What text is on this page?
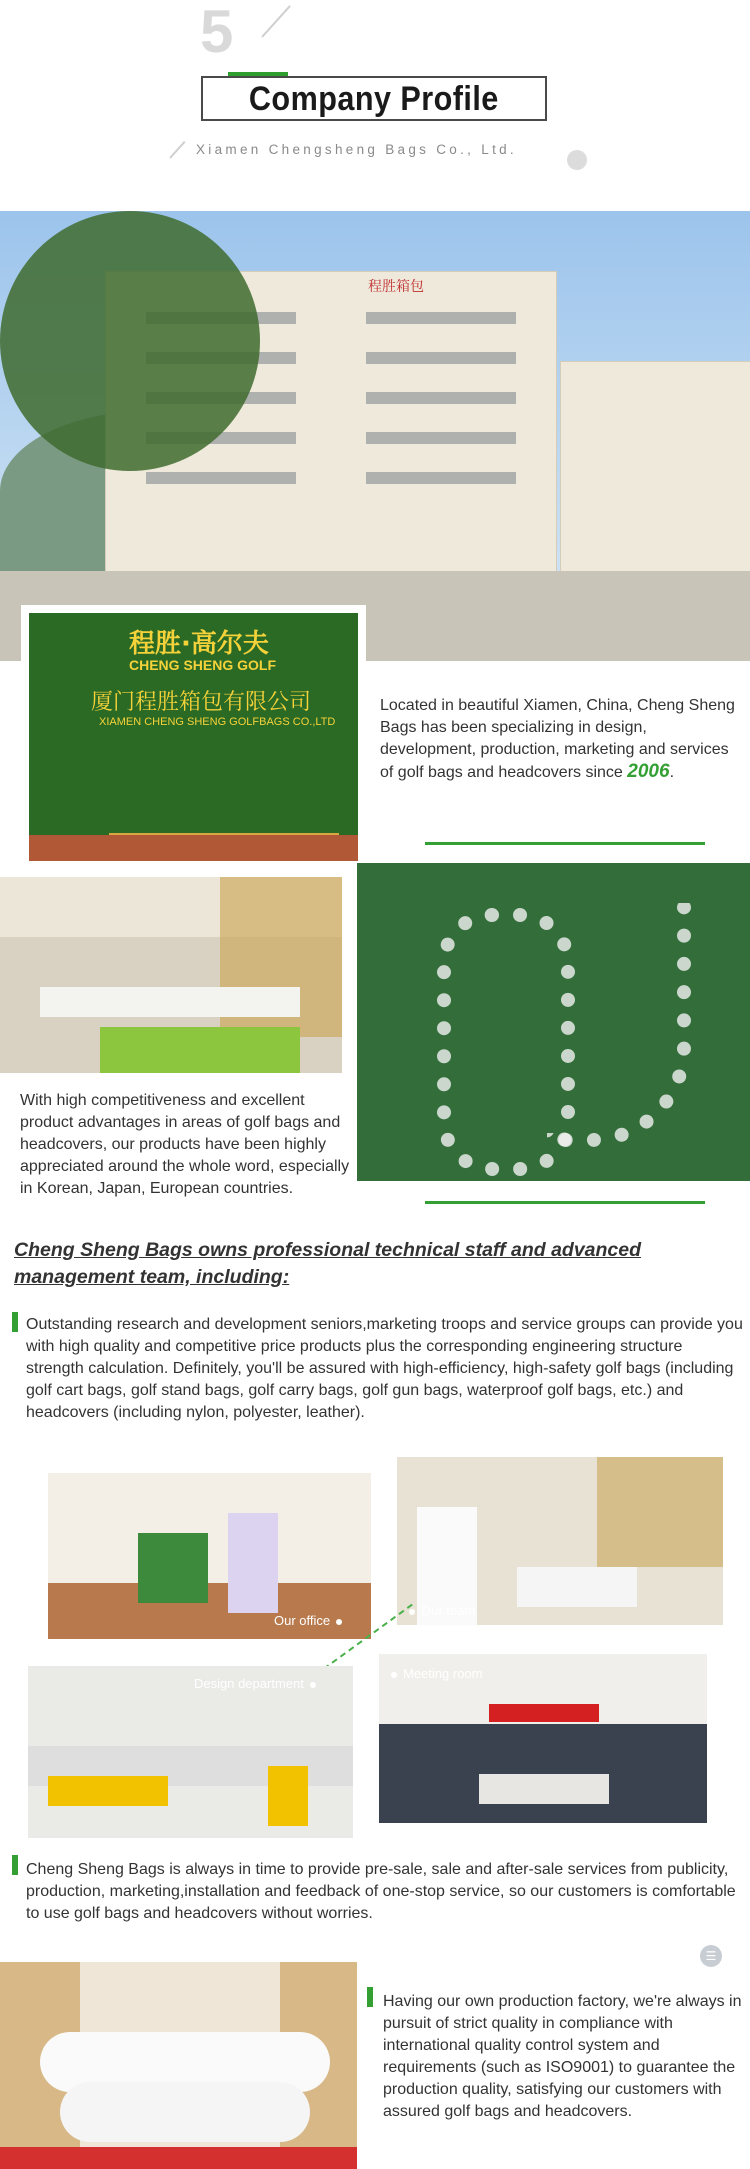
5
Company Profile
Xiamen Chengsheng Bags Co., Ltd.
程胜箱包
程胜·高尔夫
CHENG SHENG GOLF
厦门程胜箱包有限公司
XIAMEN CHENG SHENG GOLFBAGS CO.,LTD
Located in beautiful Xiamen, China, Cheng Sheng Bags has been specializing in design, development, production, marketing and services of golf bags and headcovers since 2006.
With high competitiveness and excellent product advantages in areas of golf bags and headcovers, our products have been highly appreciated around the whole word, especially in Korean, Japan, European countries.
Cheng Sheng Bags owns professional technical staff and advanced management team, including:
Outstanding research and development seniors,marketing troops and service groups can provide you with high quality and competitive price products plus the corresponding engineering structure strength calculation. Definitely, you'll be assured with high-efficiency, high-safety golf bags (including golf cart bags, golf stand bags, golf carry bags, golf gun bags, waterproof golf bags, etc.) and headcovers (including nylon, polyester, leather).
Our office
Our team
Design department
Meeting room
Cheng Sheng Bags is always in time to provide pre-sale, sale and after-sale services from publicity, production, marketing,installation and feedback of one-stop service, so our customers is comfortable to use golf bags and headcovers without worries.
☰
Having our own production factory, we're always in pursuit of strict quality in compliance with international quality control system and requirements (such as ISO9001) to guarantee the production quality, satisfying our customers with assured golf bags and headcovers.
